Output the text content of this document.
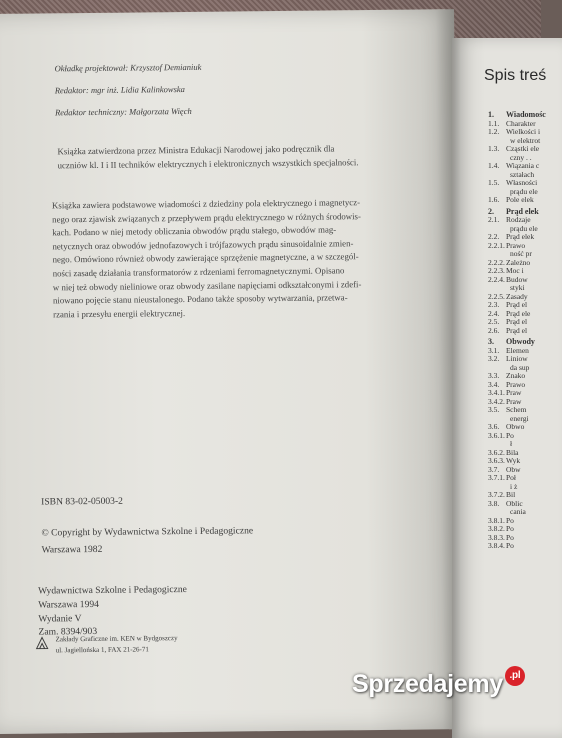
Okładkę projektował: Krzysztof Demianiuk
Redaktor: mgr inż. Lidia Kalinkowska
Redaktor techniczny: Małgorzata Więch
Książka zatwierdzona przez Ministra Edukacji Narodowej jako podręcznik dla
uczniów kl. I i II techników elektrycznych i elektronicznych wszystkich specjalności.
Książka zawiera podstawowe wiadomości z dziedziny pola elektrycznego i magnetycz-
nego oraz zjawisk związanych z przepływem prądu elektrycznego w różnych środowis-
kach. Podano w niej metody obliczania obwodów prądu stałego, obwodów mag-
netycznych oraz obwodów jednofazowych i trójfazowych prądu sinusoidalnie zmien-
nego. Omówiono również obwody zawierające sprzężenie magnetyczne, a w szczegól-
ności zasadę działania transformatorów z rdzeniami ferromagnetycznymi. Opisano
w niej też obwody nieliniowe oraz obwody zasilane napięciami odkształconymi i zdefi-
niowano pojęcie stanu nieustalonego. Podano także sposoby wytwarzania, przetwa-
rzania i przesyłu energii elektrycznej.
ISBN 83-02-05003-2
© Copyright by Wydawnictwa Szkolne i Pedagogiczne
Warszawa 1982
Wydawnictwa Szkolne i Pedagogiczne
Warszawa 1994
Wydanie V
Zam. 8394/903

Zakłady Graficzne im. KEN w Bydgoszczy
ul. Jagiellońska 1, FAX 21-26-71
Spis treś
1. Wiadomośc
1.1. Charakter
1.2. Wielkości i
w elektrot
1.3. Cząstki ele
czny . .
1.4. Wiązania c
ształach
1.5. Własności
prądu ele
1.6. Pole elek
2. Prąd elek
2.1. Rodzaje
prądu ele
2.2. Prąd elek
2.2.1.Prawo
ność pr
2.2.2.Zależno
2.2.3.Moc i
2.2.4.Budow
styki
2.2.5.Zasady
2.3. Prąd el
2.4. Prąd ele
2.5. Prąd el
2.6. Prąd el
3. Obwody
3.1. Elemen
3.2. Liniow
da sup
3.3. Znako
3.4. Prawo
3.4.1.Praw
3.4.2.Praw
3.5. Schem
energi
3.6. Obwo
3.6.1.Po
ł
3.6.2.Bila
3.6.3.Wyk
3.7. Obw
3.7.1.Poł
i ż
3.7.2.Bil
3.8. Oblic
cania
3.8.1.Po
3.8.2.Po
3.8.3.Po
3.8.4.Po
Sprzedajemy .pl
